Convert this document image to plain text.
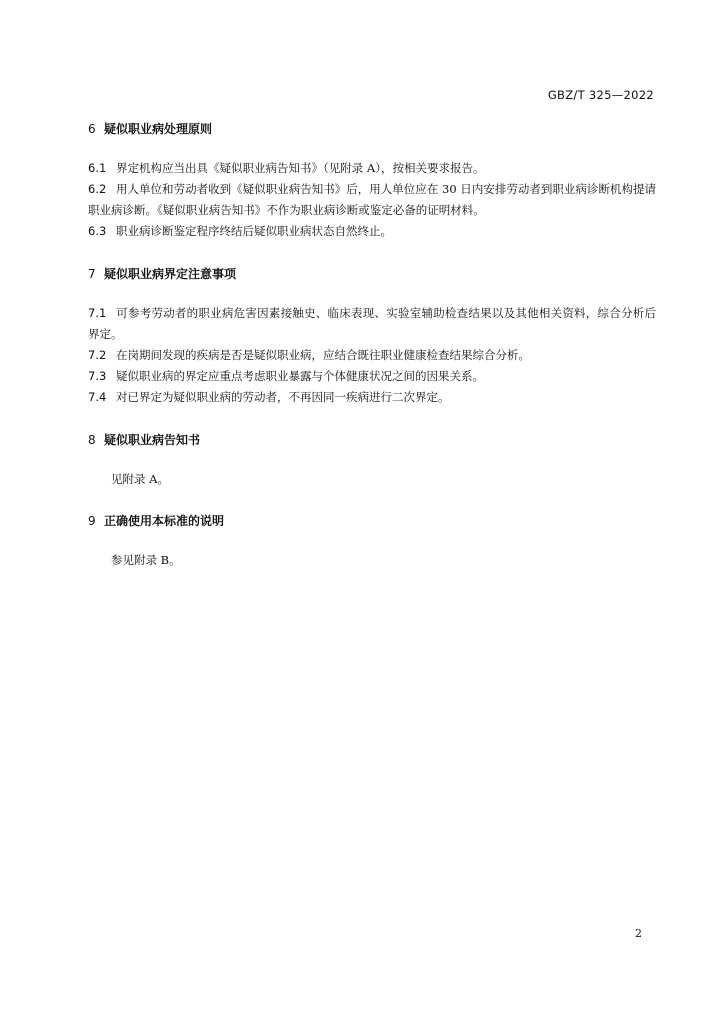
GBZ/T 325—2022
6 疑似职业病处理原则

6.1 界定机构应当出具《疑似职业病告知书》（见附录 A），按相关要求报告。

6.2 用人单位和劳动者收到《疑似职业病告知书》后，用人单位应在 30 日内安排劳动者到职业病诊断机构提请职业病诊断。《疑似职业病告知书》不作为职业病诊断或鉴定必备的证明材料。

6.3 职业病诊断鉴定程序终结后疑似职业病状态自然终止。

7 疑似职业病界定注意事项

7.1 可参考劳动者的职业病危害因素接触史、临床表现、实验室辅助检查结果以及其他相关资料，综合分析后界定。

7.2 在岗期间发现的疾病是否是疑似职业病，应结合既往职业健康检查结果综合分析。

7.3 疑似职业病的界定应重点考虑职业暴露与个体健康状况之间的因果关系。

7.4 对已界定为疑似职业病的劳动者，不再因同一疾病进行二次界定。

8 疑似职业病告知书

见附录 A。

9 正确使用本标准的说明

参见附录 B。

2
